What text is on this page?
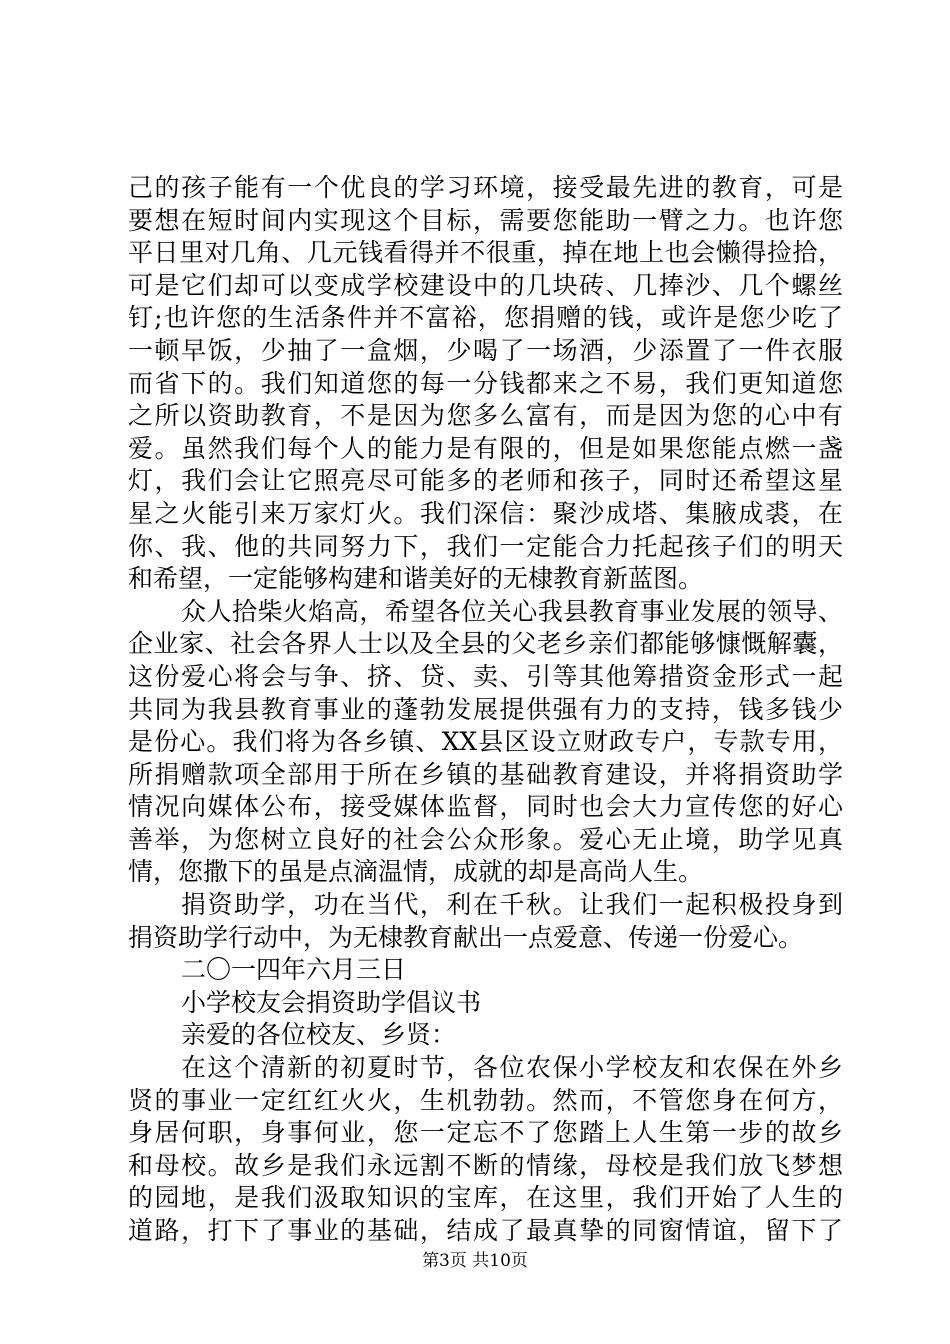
己的孩子能有一个优良的学习环境，接受最先进的教育，可是
要想在短时间内实现这个目标，需要您能助一臂之力。也许您
平日里对几角、几元钱看得并不很重，掉在地上也会懒得捡拾，
可是它们却可以变成学校建设中的几块砖、几捧沙、几个螺丝
钉;也许您的生活条件并不富裕，您捐赠的钱，或许是您少吃了
一顿早饭，少抽了一盒烟，少喝了一场酒，少添置了一件衣服
而省下的。我们知道您的每一分钱都来之不易，我们更知道您
之所以资助教育，不是因为您多么富有，而是因为您的心中有
爱。虽然我们每个人的能力是有限的，但是如果您能点燃一盏
灯，我们会让它照亮尽可能多的老师和孩子，同时还希望这星
星之火能引来万家灯火。我们深信：聚沙成塔、集腋成裘，在
你、我、他的共同努力下，我们一定能合力托起孩子们的明天
和希望，一定能够构建和谐美好的无棣教育新蓝图。
众人拾柴火焰高，希望各位关心我县教育事业发展的领导、
企业家、社会各界人士以及全县的父老乡亲们都能够慷慨解囊，
这份爱心将会与争、挤、贷、卖、引等其他筹措资金形式一起
共同为我县教育事业的蓬勃发展提供强有力的支持，钱多钱少
是份心。我们将为各乡镇、XX县区设立财政专户，专款专用，
所捐赠款项全部用于所在乡镇的基础教育建设，并将捐资助学
情况向媒体公布，接受媒体监督，同时也会大力宣传您的好心
善举，为您树立良好的社会公众形象。爱心无止境，助学见真
情，您撒下的虽是点滴温情，成就的却是高尚人生。
捐资助学，功在当代，利在千秋。让我们一起积极投身到
捐资助学行动中，为无棣教育献出一点爱意、传递一份爱心。
二〇一四年六月三日
小学校友会捐资助学倡议书
亲爱的各位校友、乡贤：
在这个清新的初夏时节，各位农保小学校友和农保在外乡
贤的事业一定红红火火，生机勃勃。然而，不管您身在何方，
身居何职，身事何业，您一定忘不了您踏上人生第一步的故乡
和母校。故乡是我们永远割不断的情缘，母校是我们放飞梦想
的园地，是我们汲取知识的宝库，在这里，我们开始了人生的
道路，打下了事业的基础，结成了最真挚的同窗情谊，留下了
第3页 共10页
